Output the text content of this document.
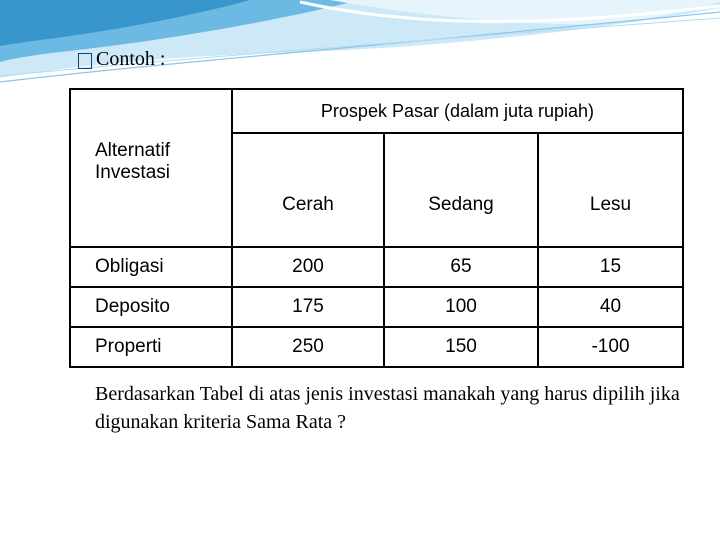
Contoh :
Alternatif Investasi	Prospek Pasar (dalam juta rupiah)		
	Cerah	Sedang	Lesu
Obligasi	200	65	15
Deposito	175	100	40
Properti	250	150	-100
Berdasarkan Tabel di atas jenis investasi manakah yang harus dipilih jika digunakan kriteria Sama Rata ?
